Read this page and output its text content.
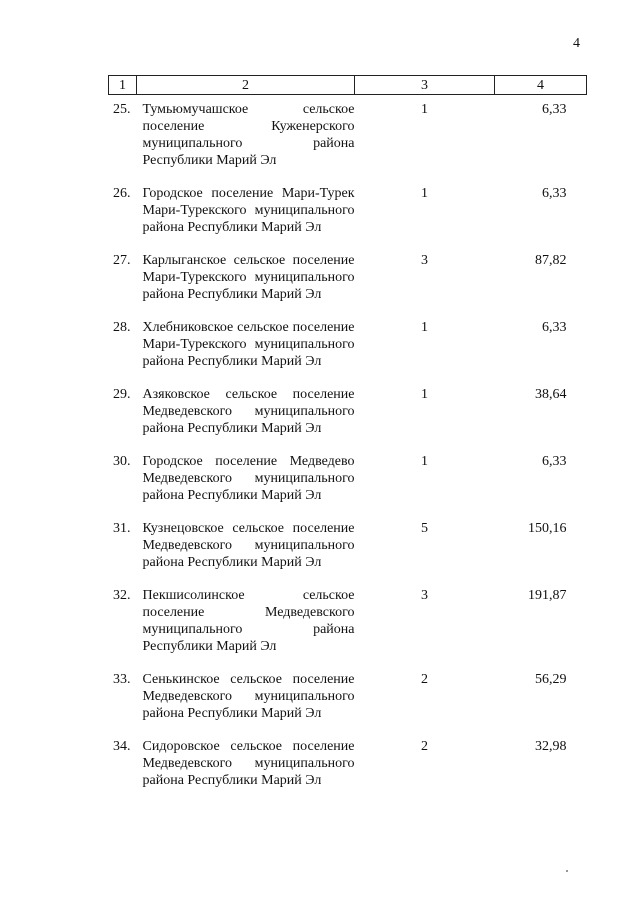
4
1	2	3	4
25.	Тумьюмучашское сельское поселение Куженерского муниципального района Республики Марий Эл	1	6,33
26.	Городское поселение Мари-Турек Мари-Турекского муниципального района Республики Марий Эл	1	6,33
27.	Карлыганское сельское поселение Мари-Турекского муниципального района Республики Марий Эл	3	87,82
28.	Хлебниковское сельское поселение Мари-Турекского муниципального района Республики Марий Эл	1	6,33
29.	Азяковское сельское поселение Медведевского муниципального района Республики Марий Эл	1	38,64
30.	Городское поселение Медведево Медведевского муниципального района Республики Марий Эл	1	6,33
31.	Кузнецовское сельское поселение Медведевского муниципального района Республики Марий Эл	5	150,16
32.	Пекшисолинское сельское поселение Медведевского муниципального района Республики Марий Эл	3	191,87
33.	Сенькинское сельское поселение Медведевского муниципального района Республики Марий Эл	2	56,29
34.	Сидоровское сельское поселение Медведевского муниципального района Республики Марий Эл	2	32,98
